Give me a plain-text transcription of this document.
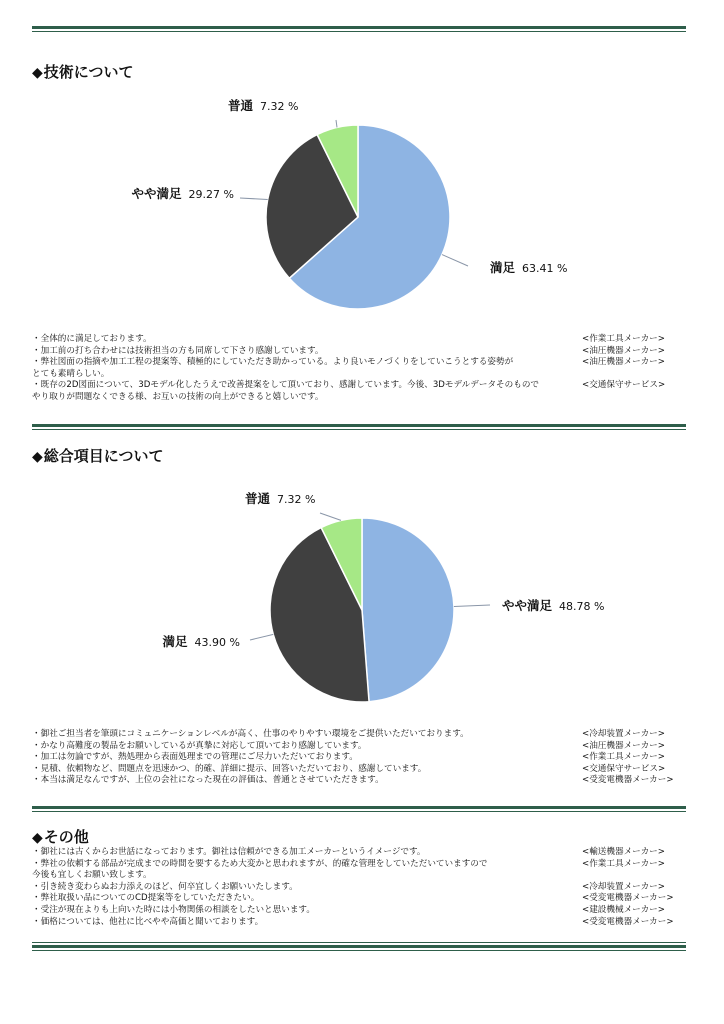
◆技術について
満足 63.41 %
やや満足 29.27 %
普通 7.32 %
・全体的に満足しております。	<作業工具メーカー>
・加工前の打ち合わせには技術担当の方も同席して下さり感謝しています。	<油圧機器メーカー>
・弊社図面の指摘や加工工程の提案等、積極的にしていただき助かっている。より良いモノづくりをしていこうとする姿勢が
とても素晴らしい。
<油圧機器メーカー>
・既存の2D図面について、3Dモデル化したうえで改善提案をして頂いており、感謝しています。今後、3Dモデルデータそのもので
やり取りが問題なくできる様、お互いの技術の向上ができると嬉しいです。
<交通保守サービス>
◆総合項目について
やや満足 48.78 %
満足 43.90 %
普通 7.32 %
・御社ご担当者を筆頭にコミュニケーションレベルが高く、仕事のやりやすい環境をご提供いただいております。	<冷却装置メーカー>
・かなり高難度の製品をお願いしているが真摯に対応して頂いており感謝しています。	<油圧機器メーカー>
・加工は勿論ですが、熱処理から表面処理までの管理にご尽力いただいております。	<作業工具メーカー>
・見積、依頼物など、問題点を迅速かつ、的確、詳細に提示、回答いただいており、感謝しています。	<交通保守サービス>
・本当は満足なんですが、上位の会社になった現在の評価は、普通とさせていただきます。	<受変電機器メーカー>
◆その他
・御社には古くからお世話になっております。御社は信頼ができる加工メーカーというイメージです。	<輸送機器メーカー>
・弊社の依頼する部品が完成までの時間を要するため大変かと思われますが、的確な管理をしていただいていますので
今後も宜しくお願い致します。
<作業工具メーカー>
・引き続き変わらぬお力添えのほど、何卒宜しくお願いいたします。	<冷却装置メーカー>
・弊社取扱い品についてのCD提案等をしていただきたい。	<受変電機器メーカー>
・受注が現在よりも上向いた時には小物関係の相談をしたいと思います。	<建設機械メーカー>
・価格については、他社に比べやや高価と聞いております。	<受変電機器メーカー>
